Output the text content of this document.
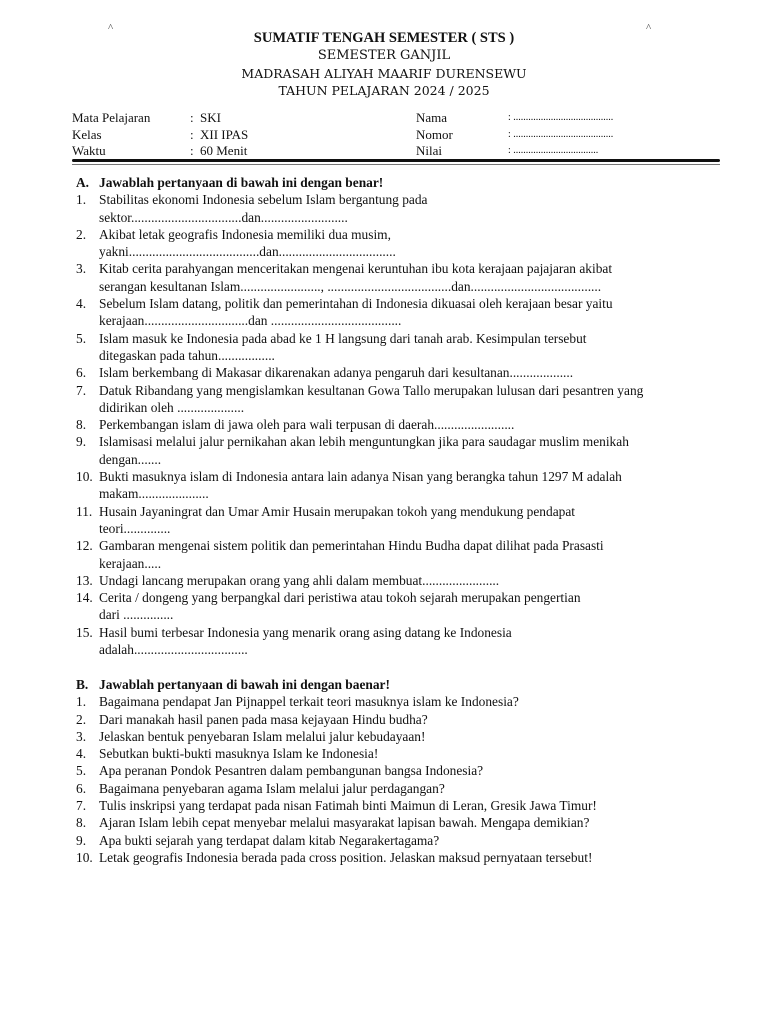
^	^
SUMATIF TENGAH SEMESTER ( STS )
SEMESTER GANJIL
MADRASAH ALIYAH MAARIF DURENSEWU
TAHUN PELAJARAN 2024 / 2025
Mata Pelajaran	: SKI	Nama	: ........................................
Kelas	: XII IPAS	Nomor	: ........................................
Waktu	: 60 Menit	Nilai	: ..................................
A. Jawablah pertanyaan di bawah ini dengan benar!
1. Stabilitas ekonomi Indonesia sebelum Islam bergantung pada
sektor.................................dan..........................
2. Akibat letak geografis Indonesia memiliki dua musim,
yakni.......................................dan...................................
3. Kitab cerita parahyangan menceritakan mengenai keruntuhan ibu kota kerajaan pajajaran akibat
serangan kesultanan Islam........................, .....................................dan.......................................
4. Sebelum Islam datang, politik dan pemerintahan di Indonesia dikuasai oleh kerajaan besar yaitu
kerajaan...............................dan .......................................
5. Islam masuk ke Indonesia pada abad ke 1 H langsung dari tanah arab. Kesimpulan tersebut
ditegaskan pada tahun.................
6. Islam berkembang di Makasar dikarenakan adanya pengaruh dari kesultanan...................
7. Datuk Ribandang yang mengislamkan kesultanan Gowa Tallo merupakan lulusan dari pesantren yang
didirikan oleh ....................
8. Perkembangan islam di jawa oleh para wali terpusan di daerah........................
9. Islamisasi melalui jalur pernikahan akan lebih menguntungkan jika para saudagar muslim menikah
dengan.......
10. Bukti masuknya islam di Indonesia antara lain adanya Nisan yang berangka tahun 1297 M adalah
makam.....................
11. Husain Jayaningrat dan Umar Amir Husain merupakan tokoh yang mendukung pendapat
teori..............
12. Gambaran mengenai sistem politik dan pemerintahan Hindu Budha dapat dilihat pada Prasasti
kerajaan.....
13. Undagi lancang merupakan orang yang ahli dalam membuat.......................
14. Cerita / dongeng yang berpangkal dari peristiwa atau tokoh sejarah merupakan pengertian
dari ...............
15. Hasil bumi terbesar Indonesia yang menarik orang asing datang ke Indonesia
adalah..................................
B. Jawablah pertanyaan di bawah ini dengan baenar!
1. Bagaimana pendapat Jan Pijnappel terkait teori masuknya islam ke Indonesia?
2. Dari manakah hasil panen pada masa kejayaan Hindu budha?
3. Jelaskan bentuk penyebaran Islam melalui jalur kebudayaan!
4. Sebutkan bukti-bukti masuknya Islam ke Indonesia!
5. Apa peranan Pondok Pesantren dalam pembangunan bangsa Indonesia?
6. Bagaimana penyebaran agama Islam melalui jalur perdagangan?
7. Tulis inskripsi yang terdapat pada nisan Fatimah binti Maimun di Leran, Gresik Jawa Timur!
8. Ajaran Islam lebih cepat menyebar melalui masyarakat lapisan bawah. Mengapa demikian?
9. Apa bukti sejarah yang terdapat dalam kitab Negarakertagama?
10. Letak geografis Indonesia berada pada cross position. Jelaskan maksud pernyataan tersebut!
